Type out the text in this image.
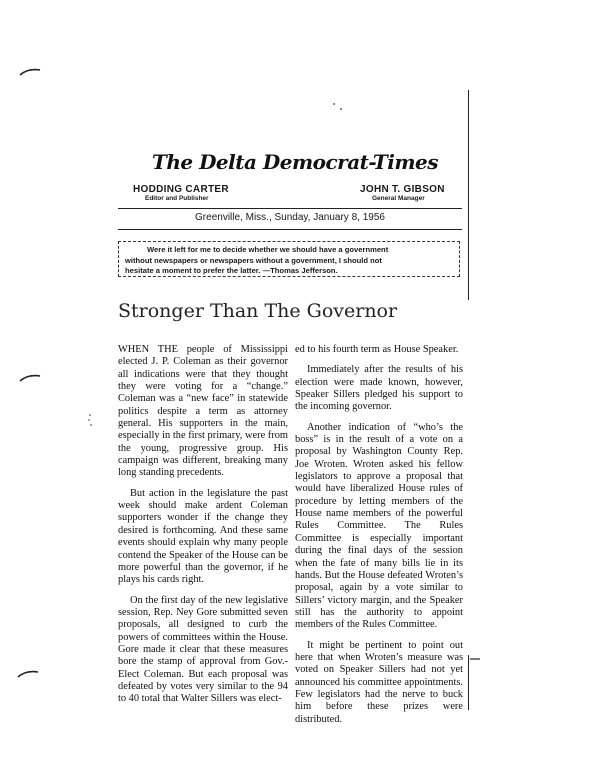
The Delta Democrat-Times
HODDING CARTER
Editor and Publisher
JOHN T. GIBSON
General Manager
Greenville, Miss., Sunday, January 8, 1956
Were it left for me to decide whether we should have a government
without newspapers or newspapers without a government, I should not
hesitate a moment to prefer the latter. —Thomas Jefferson.
Stronger Than The Governor

WHEN THE people of Mississippi elected J. P. Coleman as their governor all indications were that they thought they were voting for a “change.” Coleman was a “new face” in statewide politics despite a term as attorney general. His supporters in the main, especially in the first primary, were from the young, progressive group. His campaign was different, breaking many long standing precedents.

But action in the legislature the past week should make ardent Coleman supporters wonder if the change they desired is forthcoming. And these same events should explain why many people contend the Speaker of the House can be more powerful than the governor, if he plays his cards right.

On the first day of the new legislative session, Rep. Ney Gore submitted seven proposals, all designed to curb the powers of committees within the House. Gore made it clear that these measures bore the stamp of approval from Gov.-Elect Coleman. But each proposal was defeated by votes very similar to the 94 to 40 total that Walter Sillers was elect-

ed to his fourth term as House Speaker.

Immediately after the results of his election were made known, however, Speaker Sillers pledged his support to the incoming governor.

Another indication of “who’s the boss” is in the result of a vote on a proposal by Washington County Rep. Joe Wroten. Wroten asked his fellow legislators to approve a proposal that would have liberalized House rules of procedure by letting members of the House name members of the powerful Rules Committee. The Rules Committee is especially important during the final days of the session when the fate of many bills lie in its hands. But the House defeated Wroten’s proposal, again by a vote similar to Sillers’ victory margin, and the Speaker still has the authority to appoint members of the Rules Committee.

It might be pertinent to point out here that when Wroten’s measure was voted on Speaker Sillers had not yet announced his committee appointments. Few legislators had the nerve to buck him before these prizes were distributed.
